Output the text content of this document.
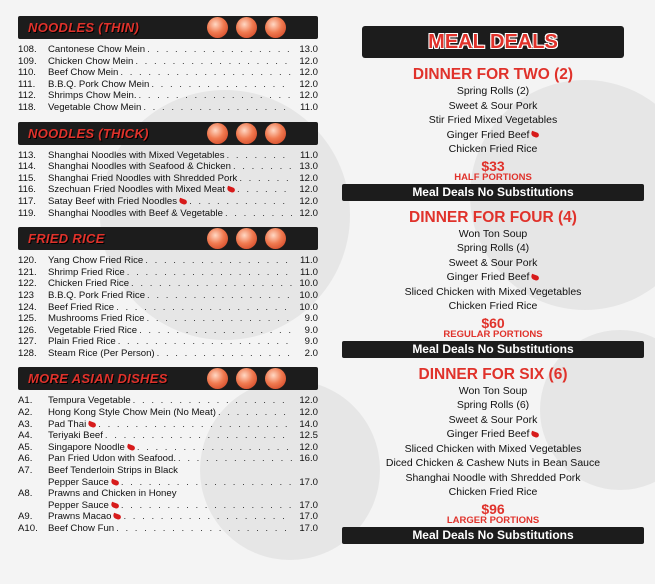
NOODLES (THIN)
108.	Cantonese Chow Mein . . .	13.0
109.	Chicken Chow Mein . . .	12.0
110.	Beef Chow Mein . . .	12.0
111.	B.B.Q. Pork Chow Mein . . .	12.0
112.	Shrimps Chow Mein. . . .	12.0
118.	Vegetable Chow Mein . . .	11.0
NOODLES (THICK)
113.	Shanghai Noodles with Mixed Vegetables . . .	11.0
114.	Shanghai Noodles with Seafood & Chicken . . .	13.0
115.	Shanghai Fried Noodles with Shredded Pork . . .	12.0
116.	Szechuan Fried Noodles with Mixed Meat . . .	12.0
117.	Satay Beef with Fried Noodles . . .	12.0
119.	Shanghai Noodles with Beef & Vegetable . . .	12.0
FRIED RICE
120.	Yang Chow Fried Rice . . .	11.0
121.	Shrimp Fried Rice . . .	11.0
122.	Chicken Fried Rice . . .	10.0
123	B.B.Q. Pork Fried Rice . . .	10.0
124.	Beef Fried Rice . . .	10.0
125.	Mushrooms Fried Rice . . .	9.0
126.	Vegetable Fried Rice . . .	9.0
127.	Plain Fried Rice . . .	9.0
128.	Steam Rice (Per Person) . . .	2.0
MORE ASIAN DISHES
A1.	Tempura Vegetable . . .	12.0
A2.	Hong Kong Style Chow Mein (No Meat) . . .	12.0
A3.	Pad Thai . . .	14.0
A4.	Teriyaki Beef . . .	12.5
A5.	Singapore Noodle . . .	12.0
A6.	Pan Fried Udon with Seafood. . . .	16.0
A7.	Beef Tenderloin Strips in Black
Pepper Sauce . . .	17.0
A8.	Prawns and Chicken in Honey
Pepper Sauce . . .	17.0
A9.	Prawns Macao . . .	17.0
A10.	Beef Chow Fun . . .	17.0
MEAL DEALS
DINNER FOR TWO (2)
Spring Rolls (2)
Sweet & Sour Pork
Stir Fried Mixed Vegetables
Ginger Fried Beef
Chicken Fried Rice
$33
HALF PORTIONS
Meal Deals No Substitutions
DINNER FOR FOUR (4)
Won Ton Soup
Spring Rolls (4)
Sweet & Sour Pork
Ginger Fried Beef
Sliced Chicken with Mixed Vegetables
Chicken Fried Rice
$60
REGULAR PORTIONS
Meal Deals No Substitutions
DINNER FOR SIX (6)
Won Ton Soup
Spring Rolls (6)
Sweet & Sour Pork
Ginger Fried Beef
Sliced Chicken with Mixed Vegetables
Diced Chicken & Cashew Nuts in Bean Sauce
Shanghai Noodle with Shredded Pork
Chicken Fried Rice
$96
LARGER PORTIONS
Meal Deals No Substitutions
